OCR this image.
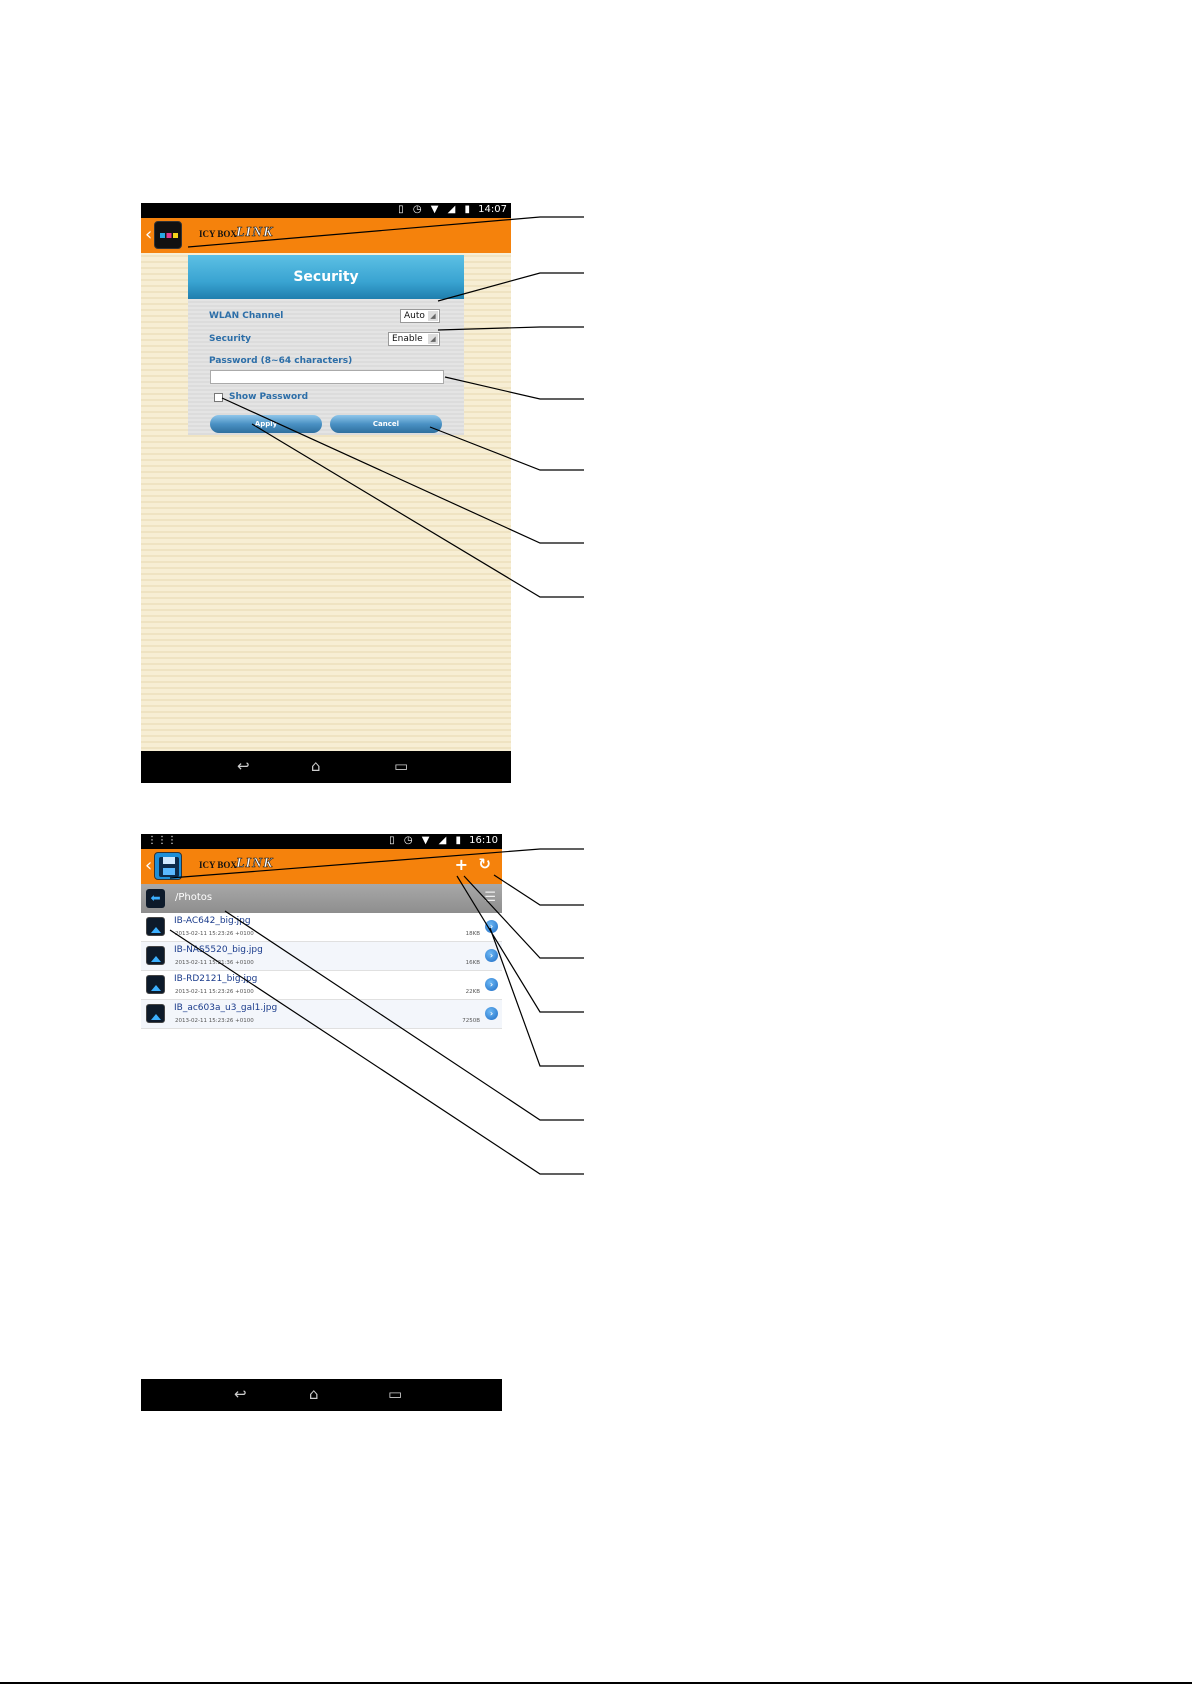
▯ ◷ ▼ ◢ ▮ 14:07
‹	ICY BOX LINK
Security
WLAN Channel	Auto ◢
Security	Enable	◢
Password (8~64 characters)
Show Password
Apply	Cancel
↩	⌂	▭
⋮⋮⋮	▯ ◷ ▼ ◢ ▮ 16:10
‹	ICY BOX LINK	+ ↻
⬅	/Photos	☰
IB-AC642_big.jpg
2013-02-11 15:23:26 +0100	18KB
›
IB-NAS5520_big.jpg
2013-02-11 15:21:36 +0100	16KB
›
IB-RD2121_big.jpg
2013-02-11 15:23:26 +0100	22KB
›
IB_ac603a_u3_gal1.jpg
2013-02-11 15:23:26 +0100	7250B
›
↩	⌂	▭
